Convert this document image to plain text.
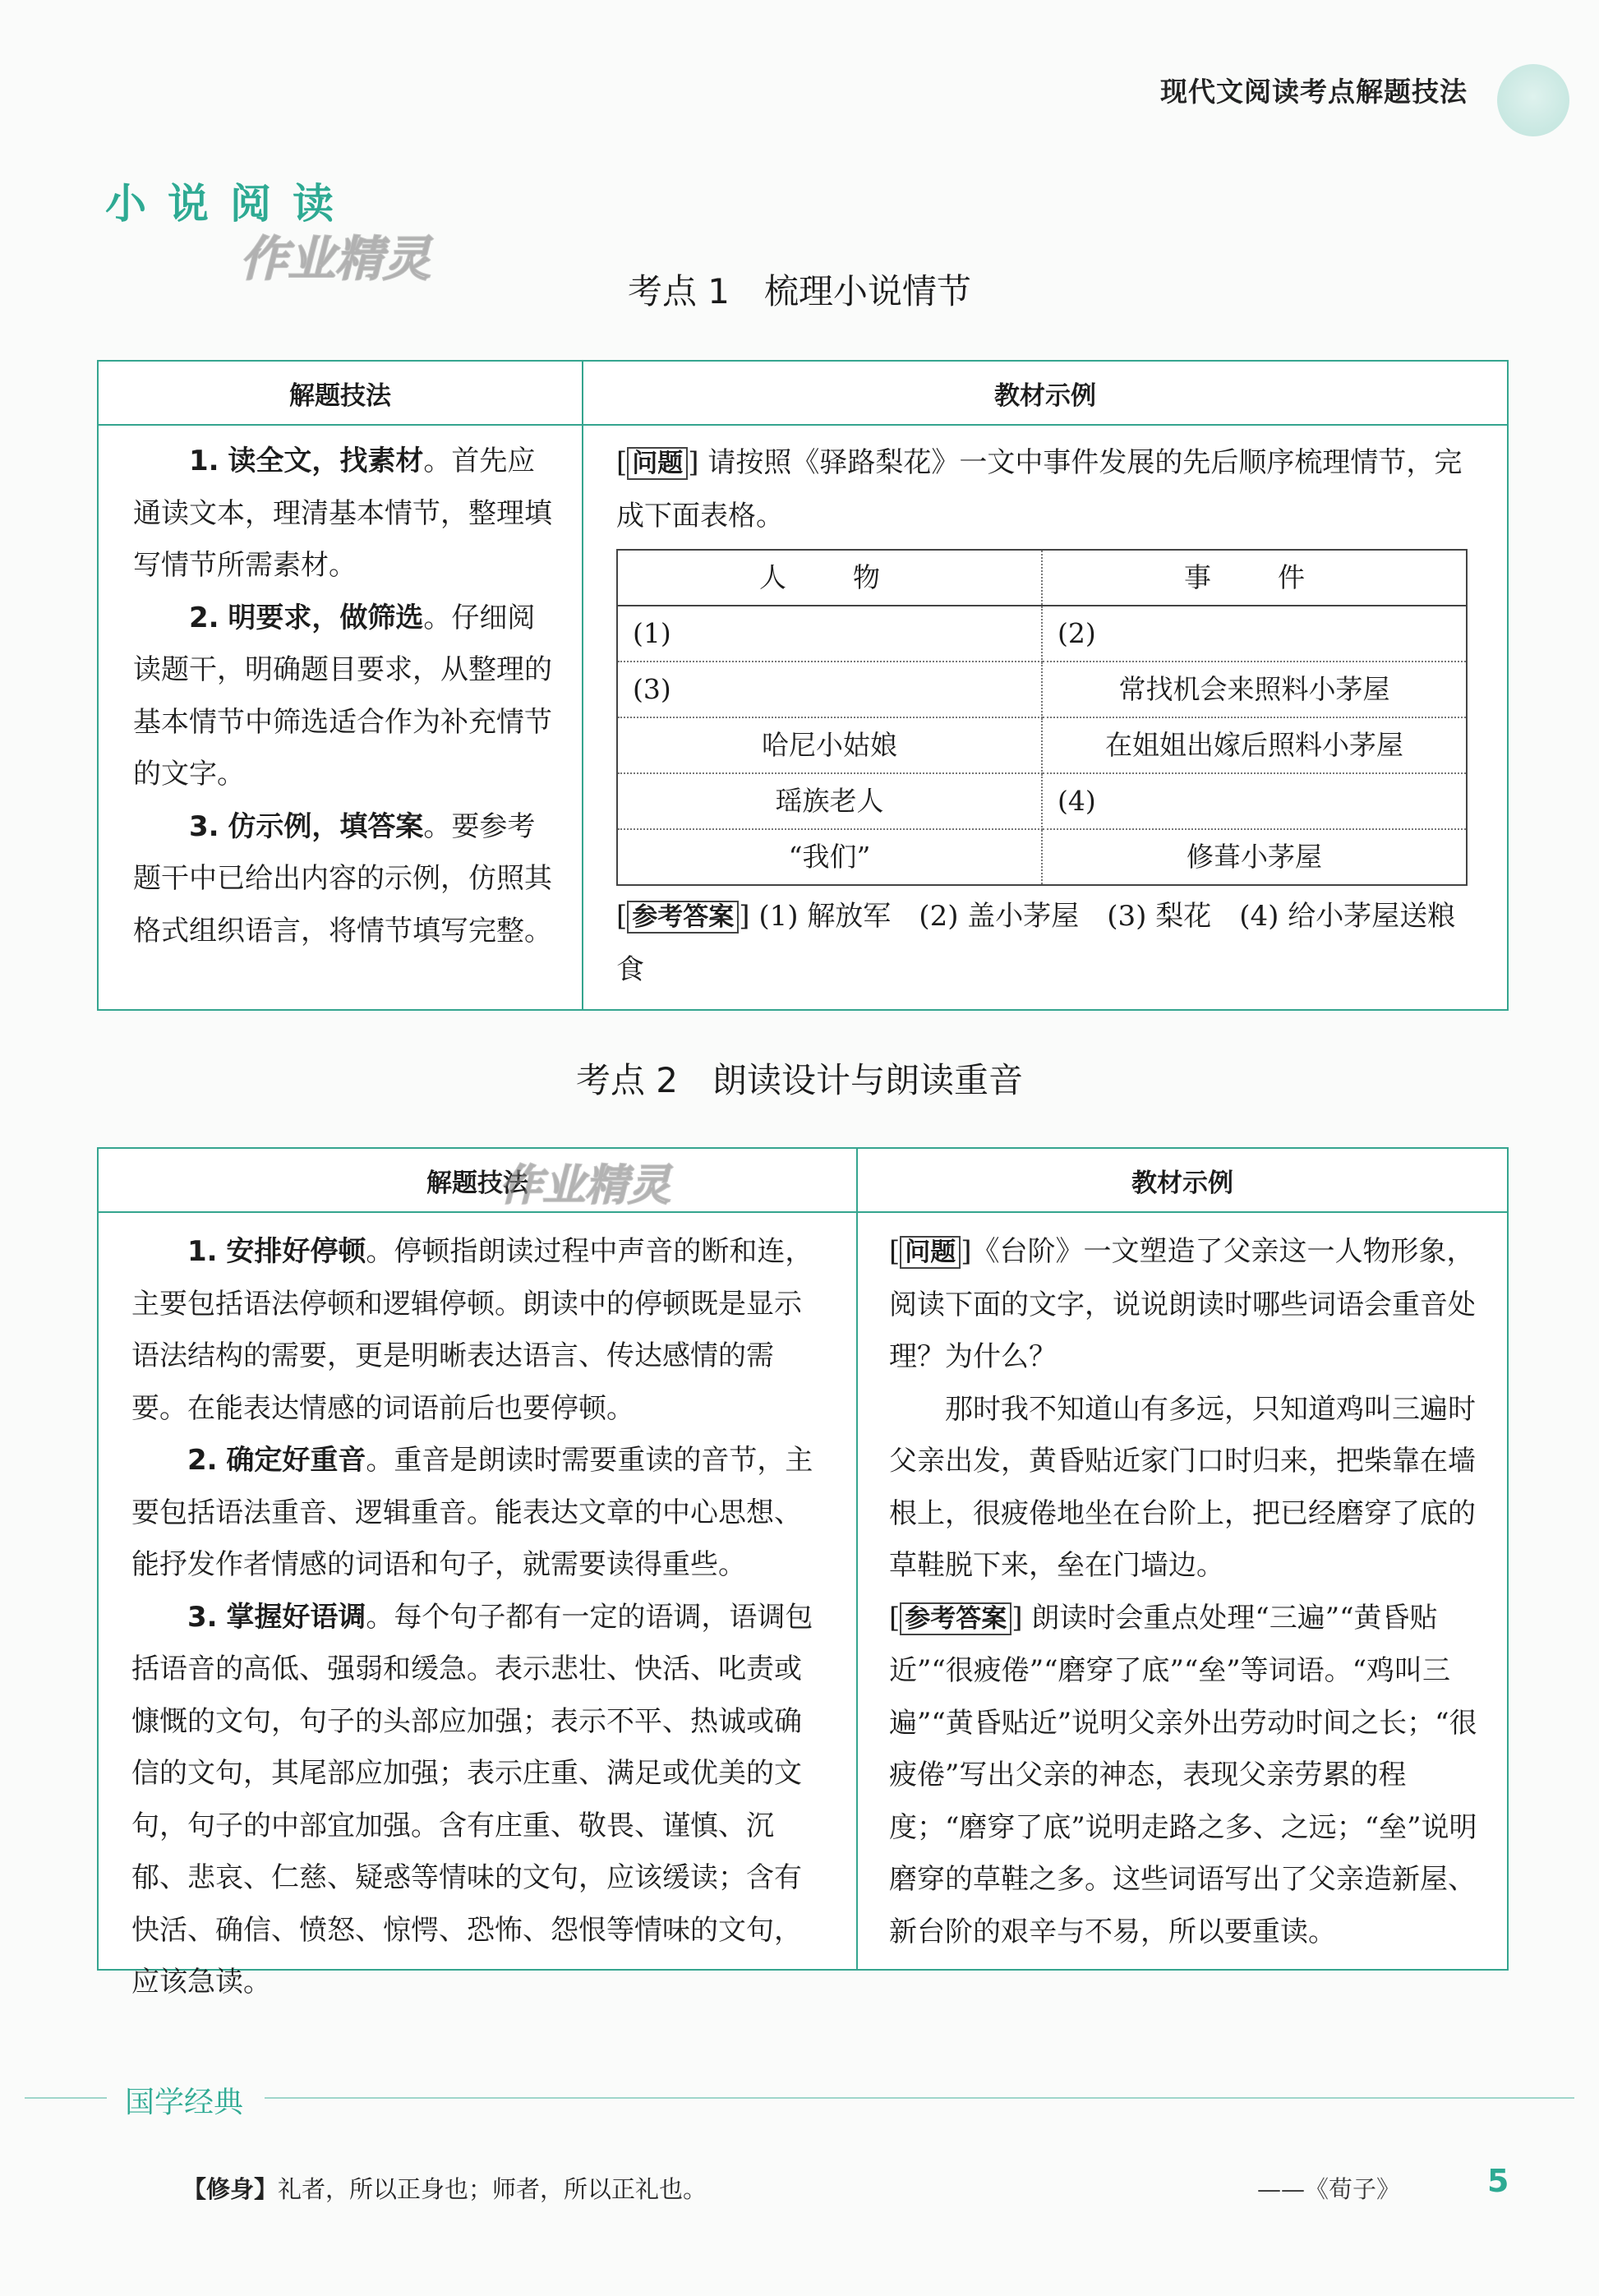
现代文阅读考点解题技法
小说阅读
作业精灵
考点 1 梳理小说情节
解题技法	教材示例

1. 读全文，找素材。首先应通读文本，理清基本情节，整理填写情节所需素材。

2. 明要求，做筛选。仔细阅读题干，明确题目要求，从整理的基本情节中筛选适合作为补充情节的文字。

3. 仿示例，填答案。要参考题干中已给出内容的示例，仿照其格式组织语言，将情节填写完整。

[ 问题 ] 请按照《驿路梨花》一文中事件发展的先后顺序梳理情节，完成下面表格。

人　物	事　件
(1)	(2)
(3)	常找机会来照料小茅屋
哈尼小姑娘	在姐姐出嫁后照料小茅屋
瑶族老人	(4)
“我们”	修葺小茅屋

[ 参考答案 ] (1) 解放军　(2) 盖小茅屋　(3) 梨花　(4) 给小茅屋送粮食

考点 2 朗读设计与朗读重音
解题技法	教材示例

1. 安排好停顿。停顿指朗读过程中声音的断和连，主要包括语法停顿和逻辑停顿。朗读中的停顿既是显示语法结构的需要，更是明晰表达语言、传达感情的需要。在能表达情感的词语前后也要停顿。

2. 确定好重音。重音是朗读时需要重读的音节，主要包括语法重音、逻辑重音。能表达文章的中心思想、能抒发作者情感的词语和句子，就需要读得重些。

3. 掌握好语调。每个句子都有一定的语调，语调包括语音的高低、强弱和缓急。表示悲壮、快活、叱责或慷慨的文句，句子的头部应加强；表示不平、热诚或确信的文句，其尾部应加强；表示庄重、满足或优美的文句，句子的中部宜加强。含有庄重、敬畏、谨慎、沉郁、悲哀、仁慈、疑惑等情味的文句，应该缓读；含有快活、确信、愤怒、惊愕、恐怖、怨恨等情味的文句，应该急读。

[ 问题 ]《台阶》一文塑造了父亲这一人物形象，阅读下面的文字，说说朗读时哪些词语会重音处理？为什么？

那时我不知道山有多远，只知道鸡叫三遍时父亲出发，黄昏贴近家门口时归来，把柴靠在墙根上，很疲倦地坐在台阶上，把已经磨穿了底的草鞋脱下来，垒在门墙边。

[ 参考答案 ] 朗读时会重点处理“三遍”“黄昏贴近”“很疲倦”“磨穿了底”“垒”等词语。“鸡叫三遍”“黄昏贴近”说明父亲外出劳动时间之长；“很疲倦”写出父亲的神态，表现父亲劳累的程度；“磨穿了底”说明走路之多、之远；“垒”说明磨穿的草鞋之多。这些词语写出了父亲造新屋、新台阶的艰辛与不易，所以要重读。

作业精灵
国学经典
【修身】礼者，所以正身也；师者，所以正礼也。	——《荀子》	5
